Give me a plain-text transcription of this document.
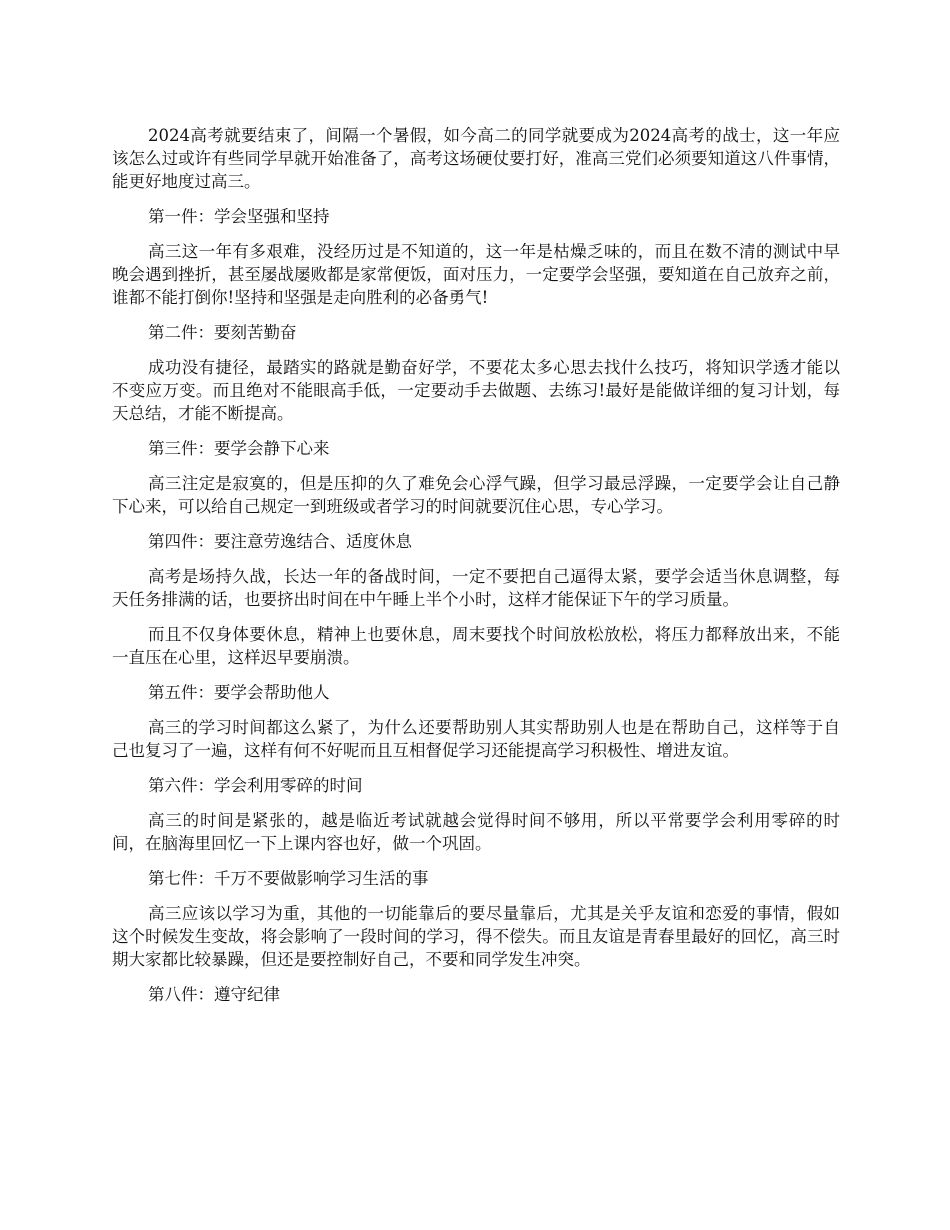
2024高考就要结束了，间隔一个暑假，如今高二的同学就要成为2024高考的战士，这一年应该怎么过或许有些同学早就开始准备了，高考这场硬仗要打好，准高三党们必须要知道这八件事情，能更好地度过高三。

第一件：学会坚强和坚持

高三这一年有多艰难，没经历过是不知道的，这一年是枯燥乏味的，而且在数不清的测试中早晚会遇到挫折，甚至屡战屡败都是家常便饭，面对压力，一定要学会坚强，要知道在自己放弃之前，谁都不能打倒你!坚持和坚强是走向胜利的必备勇气!

第二件：要刻苦勤奋

成功没有捷径，最踏实的路就是勤奋好学，不要花太多心思去找什么技巧，将知识学透才能以不变应万变。而且绝对不能眼高手低，一定要动手去做题、去练习!最好是能做详细的复习计划，每天总结，才能不断提高。

第三件：要学会静下心来

高三注定是寂寞的，但是压抑的久了难免会心浮气躁，但学习最忌浮躁，一定要学会让自己静下心来，可以给自己规定一到班级或者学习的时间就要沉住心思，专心学习。

第四件：要注意劳逸结合、适度休息

高考是场持久战，长达一年的备战时间，一定不要把自己逼得太紧，要学会适当休息调整，每天任务排满的话，也要挤出时间在中午睡上半个小时，这样才能保证下午的学习质量。

而且不仅身体要休息，精神上也要休息，周末要找个时间放松放松，将压力都释放出来，不能一直压在心里，这样迟早要崩溃。

第五件：要学会帮助他人

高三的学习时间都这么紧了，为什么还要帮助别人其实帮助别人也是在帮助自己，这样等于自己也复习了一遍，这样有何不好呢而且互相督促学习还能提高学习积极性、增进友谊。

第六件：学会利用零碎的时间

高三的时间是紧张的，越是临近考试就越会觉得时间不够用，所以平常要学会利用零碎的时间，在脑海里回忆一下上课内容也好，做一个巩固。

第七件：千万不要做影响学习生活的事

高三应该以学习为重，其他的一切能靠后的要尽量靠后，尤其是关乎友谊和恋爱的事情，假如这个时候发生变故，将会影响了一段时间的学习，得不偿失。而且友谊是青春里最好的回忆，高三时期大家都比较暴躁，但还是要控制好自己，不要和同学发生冲突。

第八件：遵守纪律
